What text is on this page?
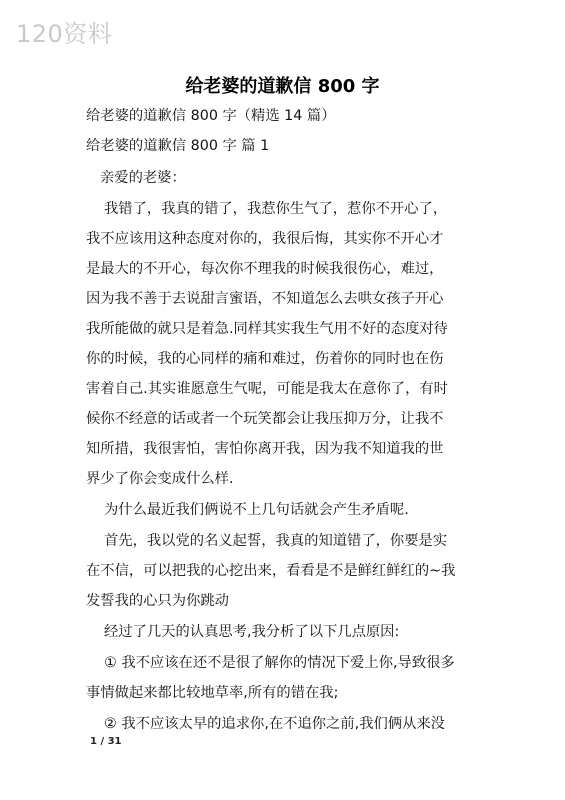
120资料
给老婆的道歉信 800 字
给老婆的道歉信 800 字（精选 14 篇）
给老婆的道歉信 800 字 篇 1
亲爱的老婆：
我错了，我真的错了，我惹你生气了，惹你不开心了，
我不应该用这种态度对你的，我很后悔，其实你不开心才
是最大的不开心，每次你不理我的时候我很伤心，难过，
因为我不善于去说甜言蜜语，不知道怎么去哄女孩子开心
我所能做的就只是着急.同样其实我生气用不好的态度对待
你的时候，我的心同样的痛和难过，伤着你的同时也在伤
害着自己.其实谁愿意生气呢，可能是我太在意你了，有时
候你不经意的话或者一个玩笑都会让我压抑万分，让我不
知所措，我很害怕，害怕你离开我，因为我不知道我的世
界少了你会变成什么样.
为什么最近我们俩说不上几句话就会产生矛盾呢.
首先，我以党的名义起誓，我真的知道错了，你要是实
在不信，可以把我的心挖出来，看看是不是鲜红鲜红的~我
发誓我的心只为你跳动
经过了几天的认真思考,我分析了以下几点原因:
① 我不应该在还不是很了解你的情况下爱上你,导致很多
事情做起来都比较地草率,所有的错在我;
② 我不应该太早的追求你,在不追你之前,我们俩从来没
1 / 31
